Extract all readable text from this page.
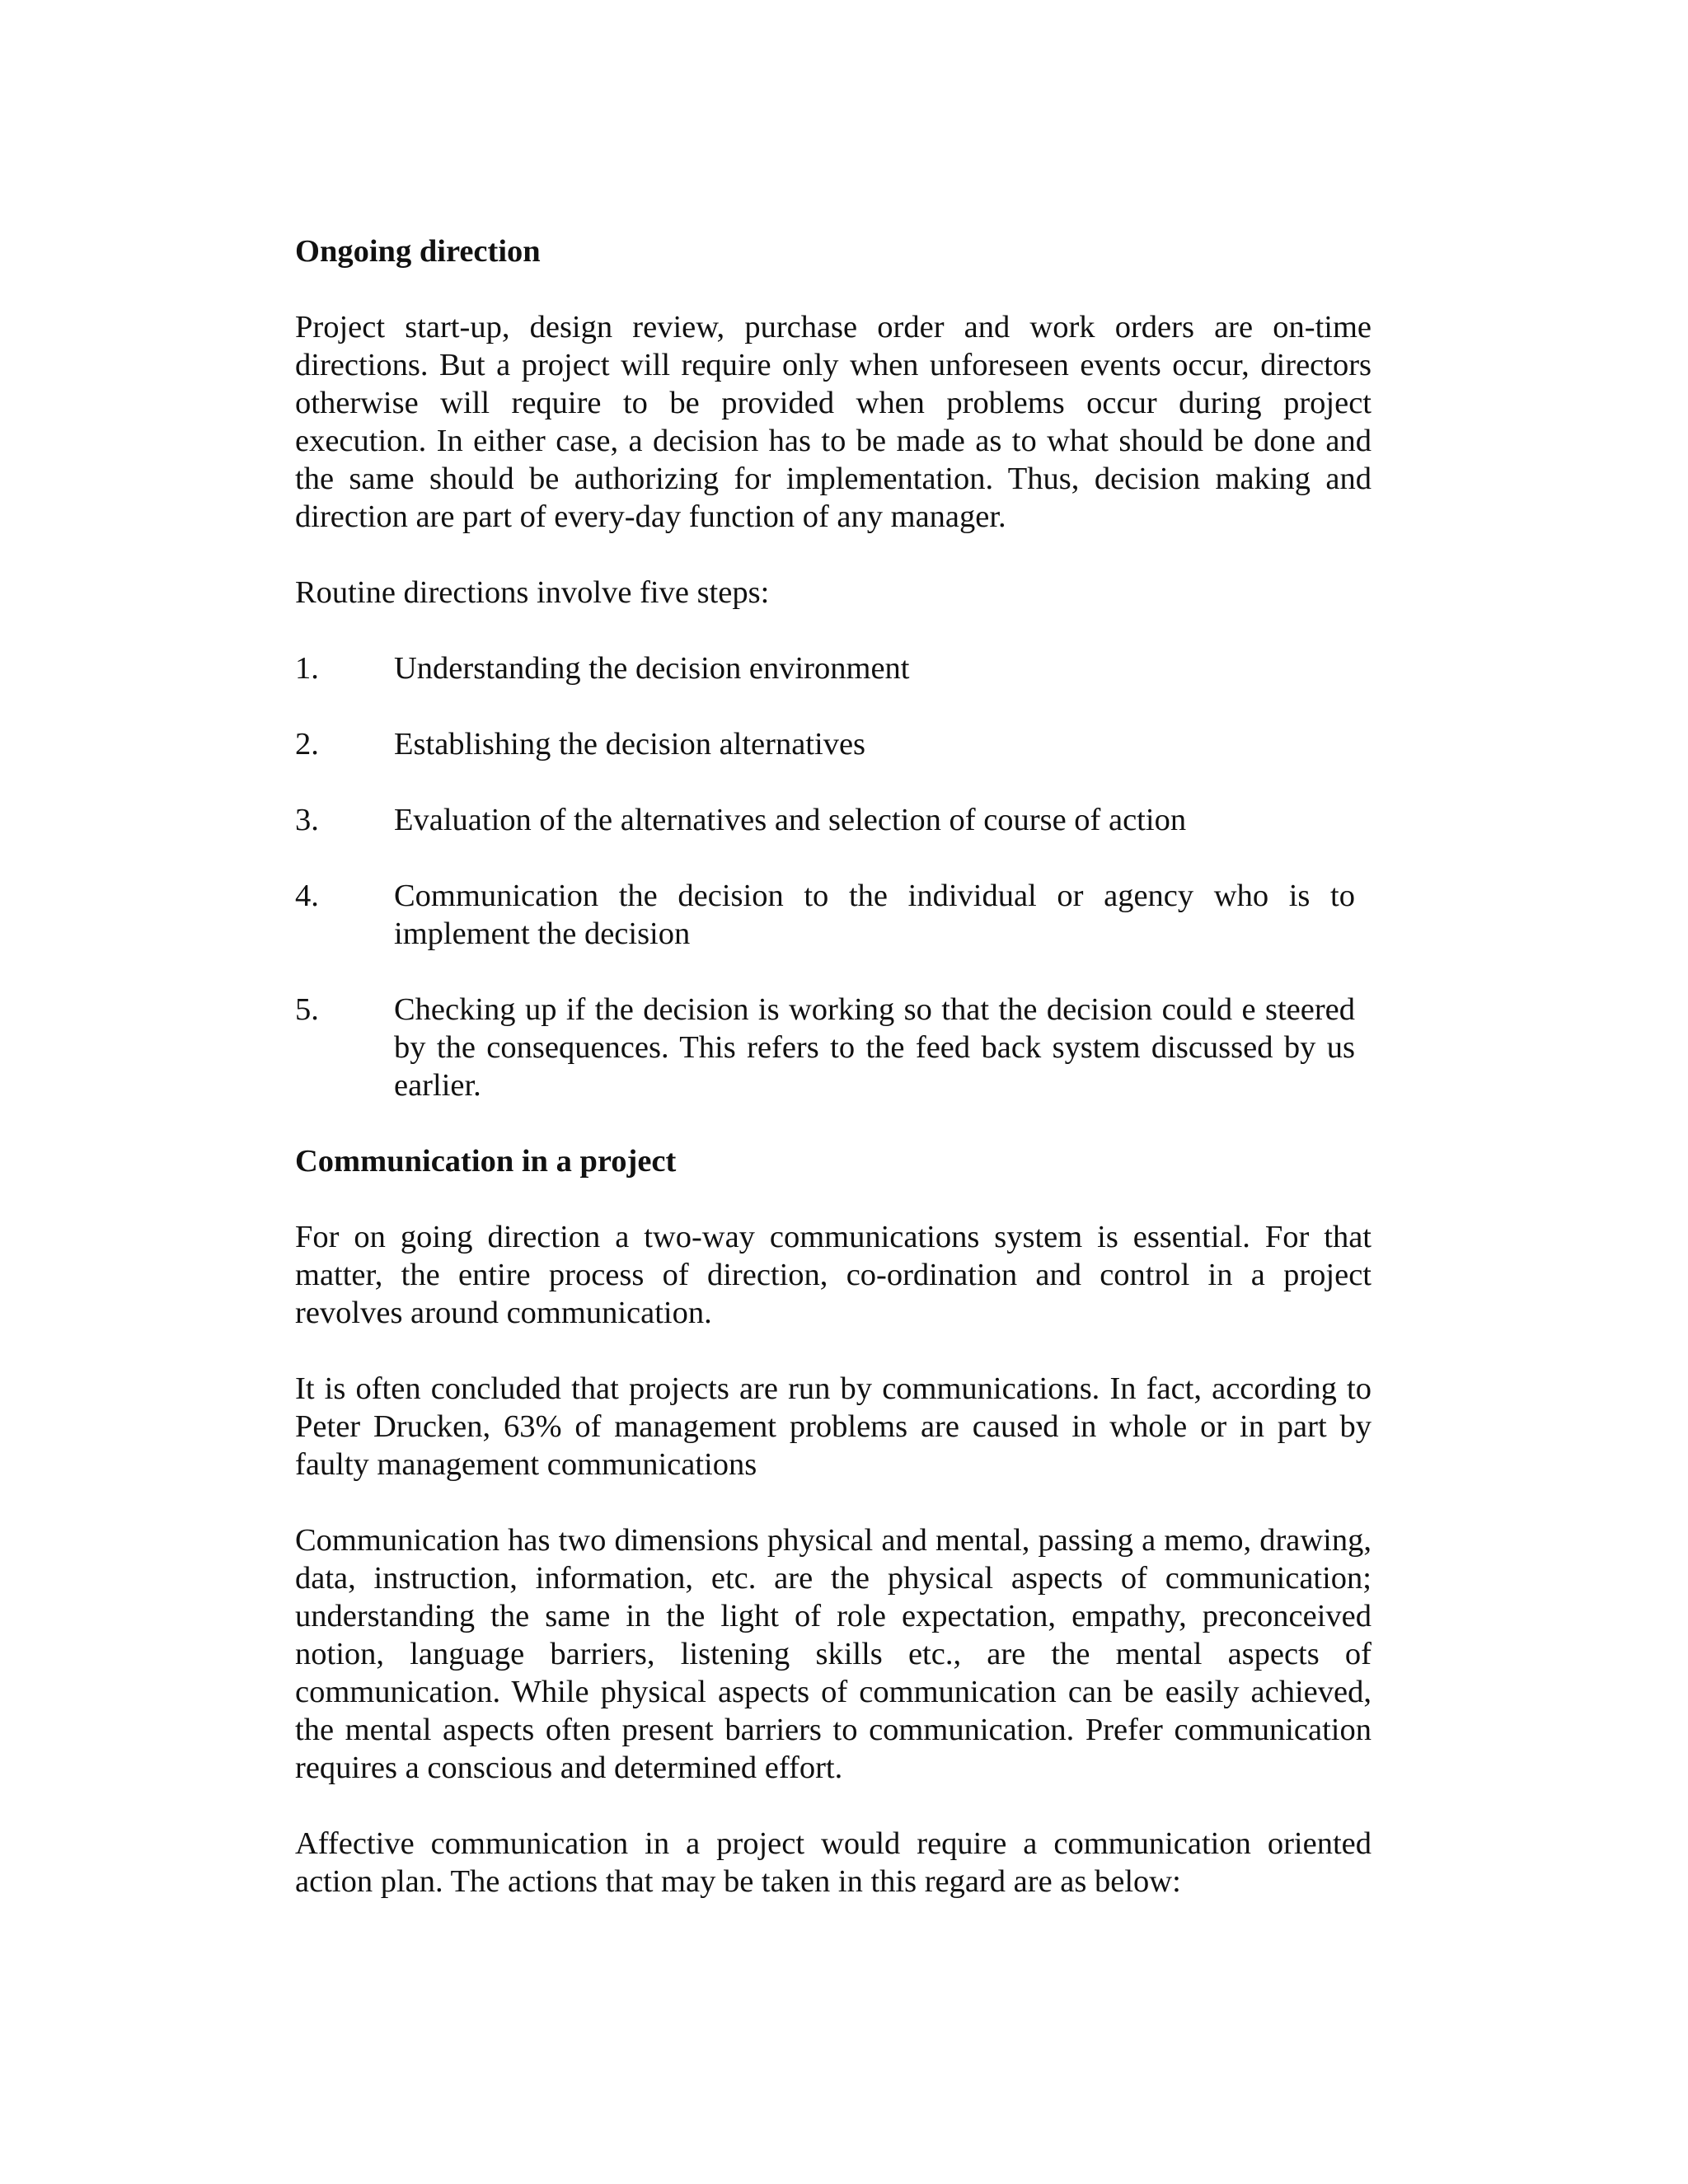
Ongoing direction

Project start-up, design review, purchase order and work orders are on-time directions. But a project will require only when unforeseen events occur, directors otherwise will require to be provided when problems occur during project execution. In either case, a decision has to be made as to what should be done and the same should be authorizing for implementation. Thus, decision making and direction are part of every-day function of any manager.

Routine directions involve five steps:

1.	Understanding the decision environment
2.	Establishing the decision alternatives
3.	Evaluation of the alternatives and selection of course of action
4.	Communication the decision to the individual or agency who is to implement the decision
5.	Checking up if the decision is working so that the decision could e steered by the consequences. This refers to the feed back system discussed by us earlier.
Communication in a project

For on going direction a two-way communications system is essential. For that matter, the entire process of direction, co-ordination and control in a project revolves around communication.

It is often concluded that projects are run by communications. In fact, according to Peter Drucken, 63% of management problems are caused in whole or in part by faulty management communications

Communication has two dimensions physical and mental, passing a memo, drawing, data, instruction, information, etc. are the physical aspects of communication; understanding the same in the light of role expectation, empathy, preconceived notion, language barriers, listening skills etc., are the mental aspects of communication. While physical aspects of communication can be easily achieved, the mental aspects often present barriers to communication. Prefer communication requires a conscious and determined effort.

Affective communication in a project would require a communication oriented action plan. The actions that may be taken in this regard are as below:
